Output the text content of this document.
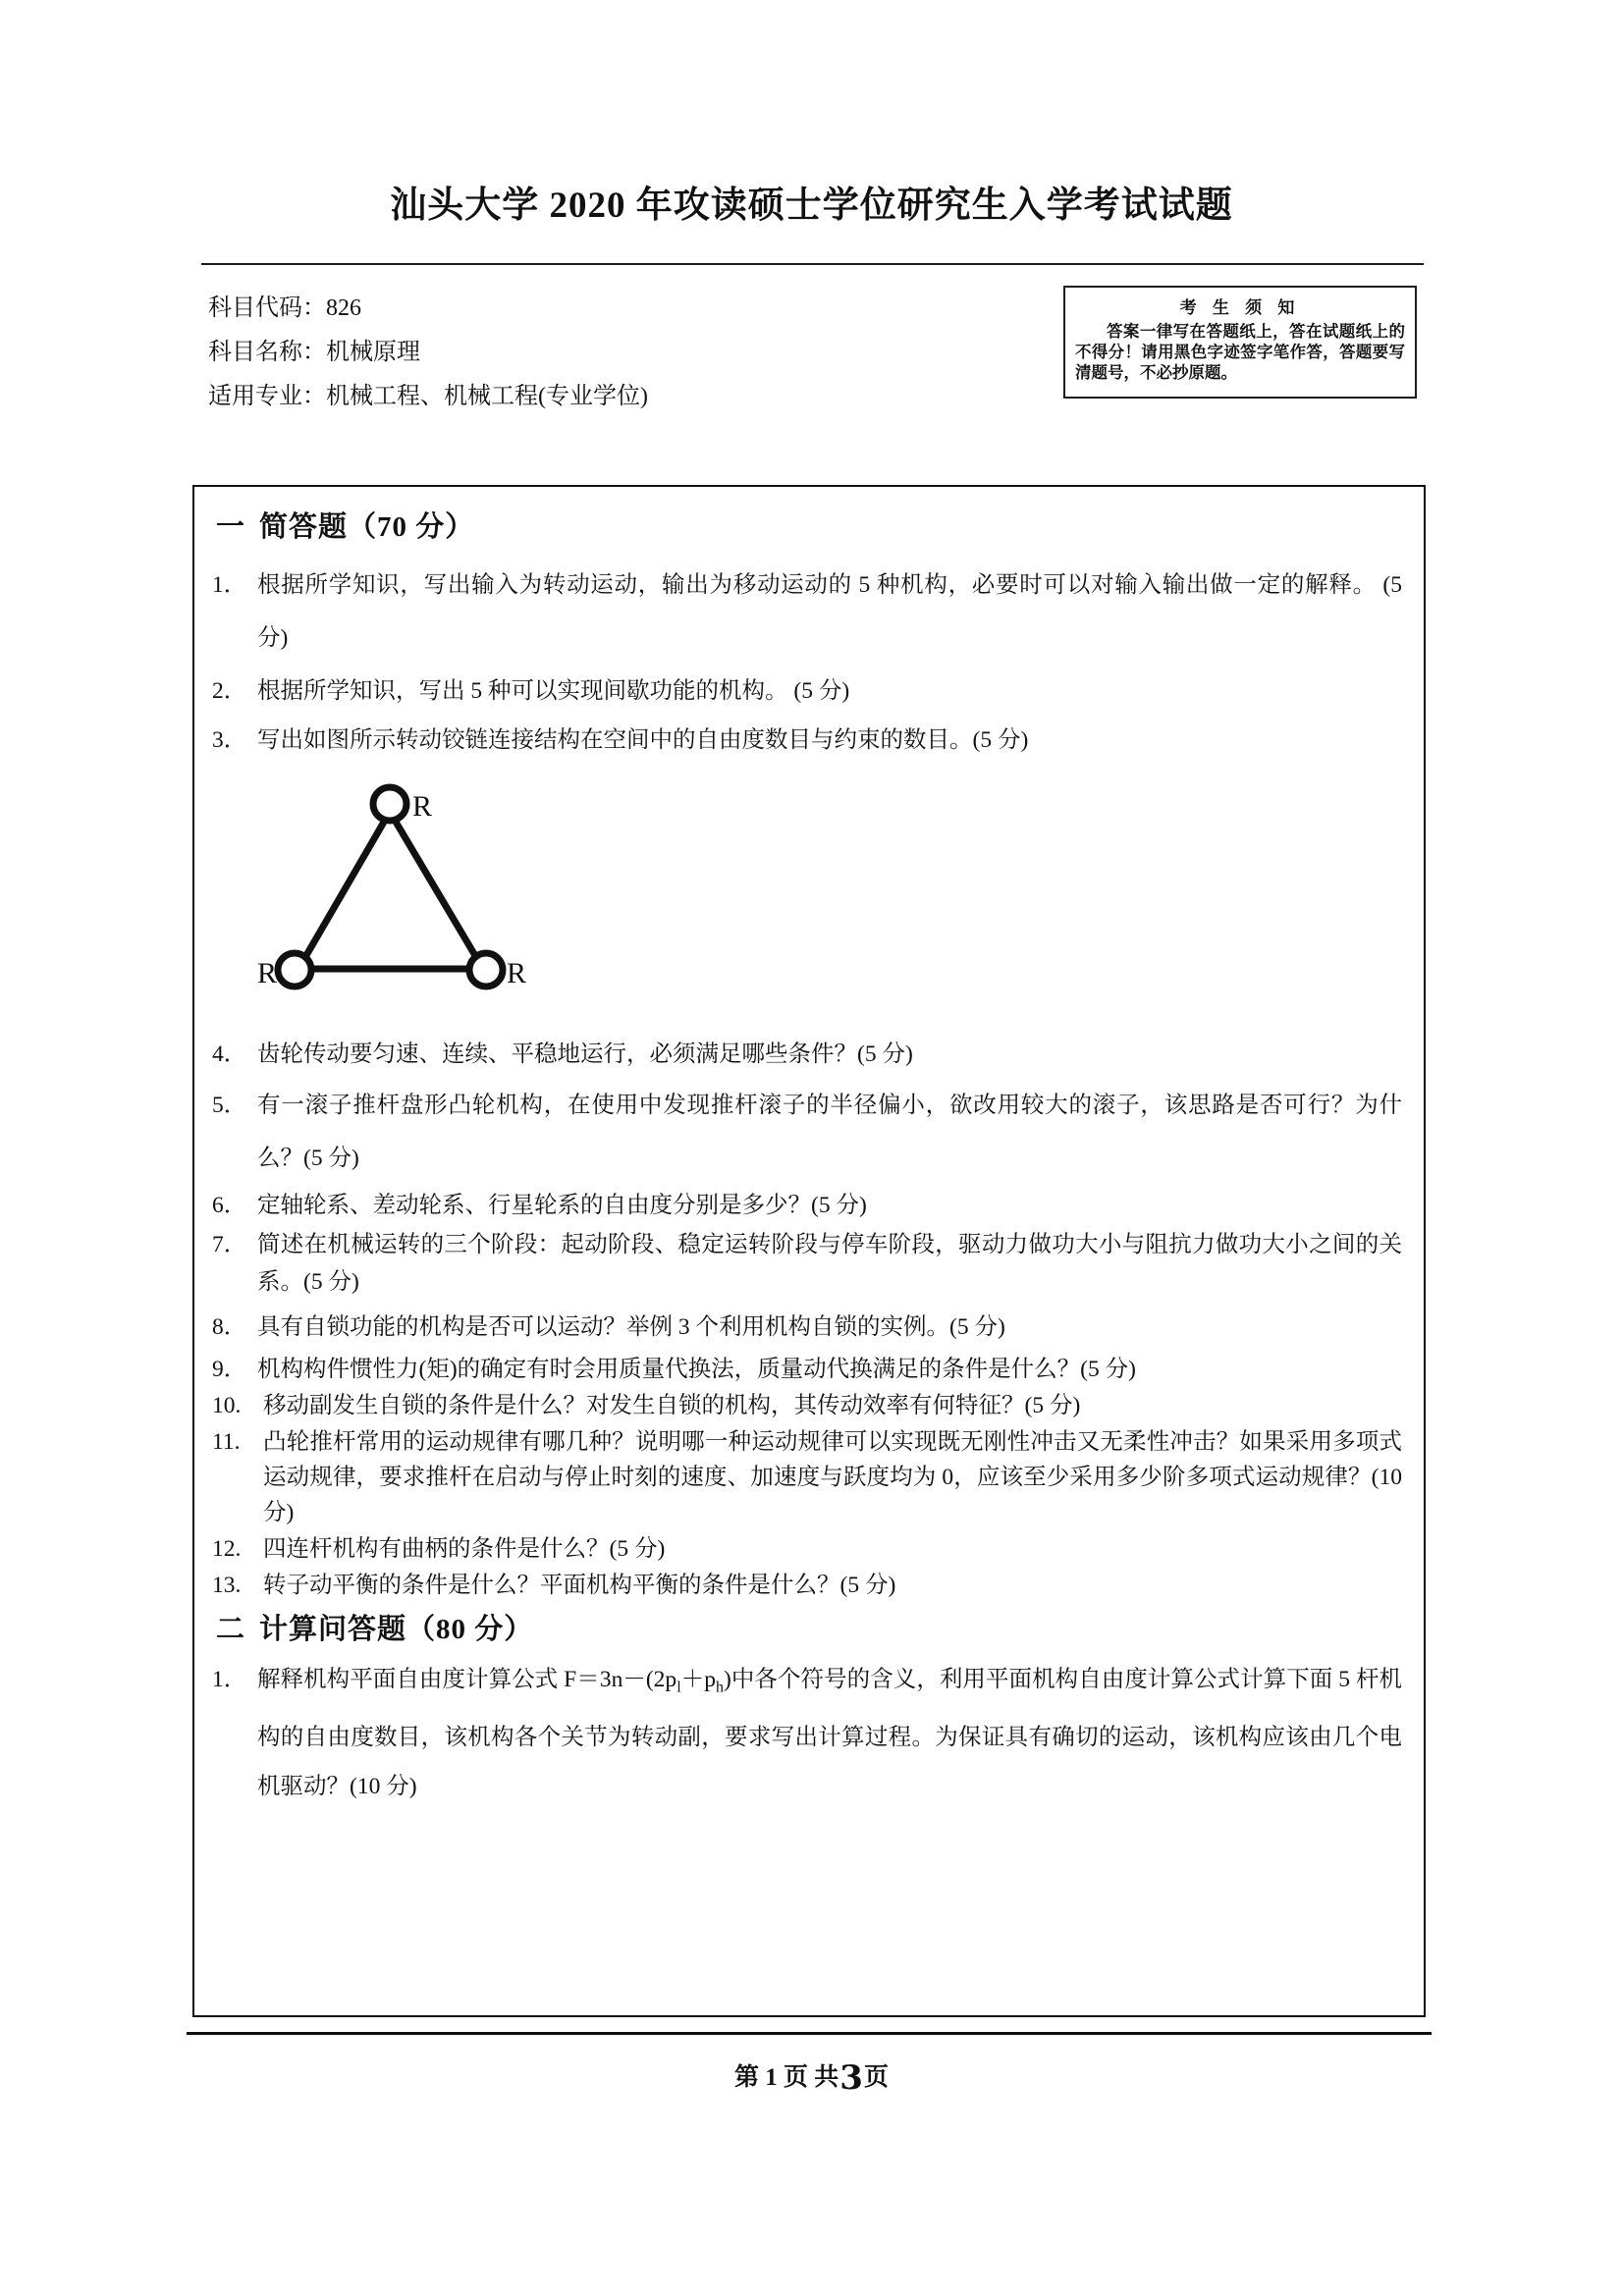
汕头大学 2020 年攻读硕士学位研究生入学考试试题
科目代码：826
科目名称：机械原理
适用专业：机械工程、机械工程(专业学位)
考 生 须 知
答案一律写在答题纸上，答在试题纸上的不得分！请用黑色字迹签字笔作答，答题要写清题号，不必抄原题。
一 简答题（70 分）
1． 根据所学知识，写出输入为转动运动，输出为移动运动的 5 种机构，必要时可以对输入输出做一定的解释。 (5 分)
2． 根据所学知识，写出 5 种可以实现间歇功能的机构。 (5 分)
3． 写出如图所示转动铰链连接结构在空间中的自由度数目与约束的数目。(5 分)
R
R	R
4． 齿轮传动要匀速、连续、平稳地运行，必须满足哪些条件？(5 分)
5． 有一滚子推杆盘形凸轮机构，在使用中发现推杆滚子的半径偏小，欲改用较大的滚子，该思路是否可行？为什么？(5 分)
6． 定轴轮系、差动轮系、行星轮系的自由度分别是多少？(5 分)
7． 简述在机械运转的三个阶段：起动阶段、稳定运转阶段与停车阶段，驱动力做功大小与阻抗力做功大小之间的关系。(5 分)
8． 具有自锁功能的机构是否可以运动？举例 3 个利用机构自锁的实例。(5 分)
9． 机构构件惯性力(矩)的确定有时会用质量代换法，质量动代换满足的条件是什么？(5 分)
10. 移动副发生自锁的条件是什么？对发生自锁的机构，其传动效率有何特征？(5 分)
11. 凸轮推杆常用的运动规律有哪几种？说明哪一种运动规律可以实现既无刚性冲击又无柔性冲击？如果采用多项式运动规律，要求推杆在启动与停止时刻的速度、加速度与跃度均为 0，应该至少采用多少阶多项式运动规律？(10 分)
12. 四连杆机构有曲柄的条件是什么？(5 分)
13. 转子动平衡的条件是什么？平面机构平衡的条件是什么？(5 分)
二 计算问答题（80 分）
1． 解释机构平面自由度计算公式 $F=3n-(2p_l+p_h)$中各个符号的含义，利用平面机构自由度计算公式计算下面 5 杆机构的自由度数目，该机构各个关节为转动副，要求写出计算过程。为保证具有确切的运动，该机构应该由几个电机驱动？(10 分)
第 1 页 共3页
